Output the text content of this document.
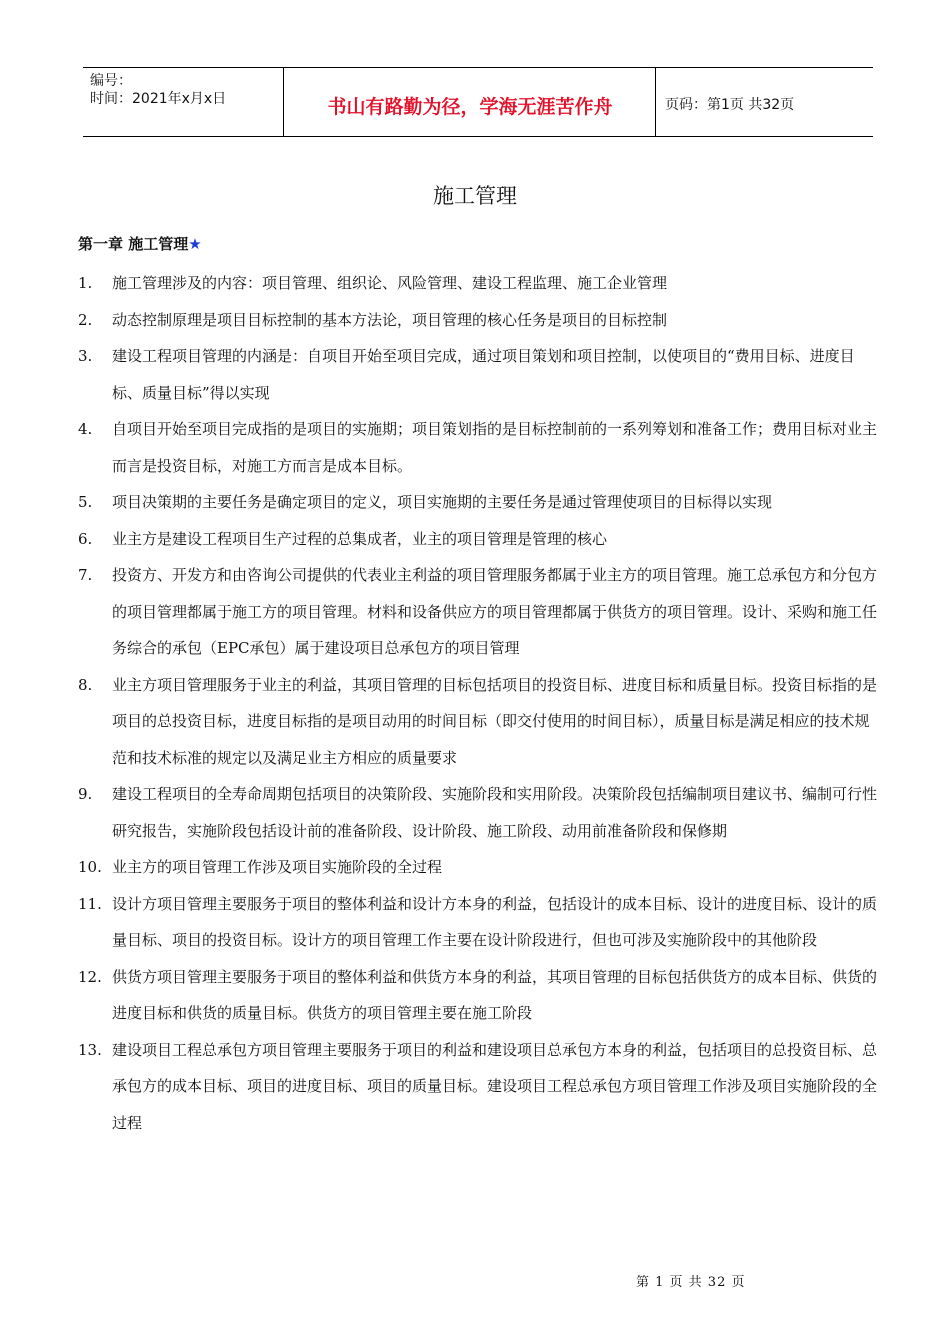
编号：
时间：2021年x月x日	书山有路勤为径，学海无涯苦作舟	页码：第1页 共32页
施工管理
第一章 施工管理★
1. 施工管理涉及的内容：项目管理、组织论、风险管理、建设工程监理、施工企业管理
2. 动态控制原理是项目目标控制的基本方法论，项目管理的核心任务是项目的目标控制
3. 建设工程项目管理的内涵是：自项目开始至项目完成，通过项目策划和项目控制，以使项目的“费用目标、进度目标、质量目标”得以实现
4. 自项目开始至项目完成指的是项目的实施期；项目策划指的是目标控制前的一系列筹划和准备工作；费用目标对业主而言是投资目标，对施工方而言是成本目标。
5. 项目决策期的主要任务是确定项目的定义，项目实施期的主要任务是通过管理使项目的目标得以实现
6. 业主方是建设工程项目生产过程的总集成者，业主的项目管理是管理的核心
7. 投资方、开发方和由咨询公司提供的代表业主利益的项目管理服务都属于业主方的项目管理。施工总承包方和分包方的项目管理都属于施工方的项目管理。材料和设备供应方的项目管理都属于供货方的项目管理。设计、采购和施工任务综合的承包（EPC承包）属于建设项目总承包方的项目管理
8. 业主方项目管理服务于业主的利益，其项目管理的目标包括项目的投资目标、进度目标和质量目标。投资目标指的是项目的总投资目标，进度目标指的是项目动用的时间目标（即交付使用的时间目标），质量目标是满足相应的技术规范和技术标准的规定以及满足业主方相应的质量要求
9. 建设工程项目的全寿命周期包括项目的决策阶段、实施阶段和实用阶段。决策阶段包括编制项目建议书、编制可行性研究报告，实施阶段包括设计前的准备阶段、设计阶段、施工阶段、动用前准备阶段和保修期
10. 业主方的项目管理工作涉及项目实施阶段的全过程
11. 设计方项目管理主要服务于项目的整体利益和设计方本身的利益，包括设计的成本目标、设计的进度目标、设计的质量目标、项目的投资目标。设计方的项目管理工作主要在设计阶段进行，但也可涉及实施阶段中的其他阶段
12. 供货方项目管理主要服务于项目的整体利益和供货方本身的利益，其项目管理的目标包括供货方的成本目标、供货的进度目标和供货的质量目标。供货方的项目管理主要在施工阶段
13. 建设项目工程总承包方项目管理主要服务于项目的利益和建设项目总承包方本身的利益，包括项目的总投资目标、总承包方的成本目标、项目的进度目标、项目的质量目标。建设项目工程总承包方项目管理工作涉及项目实施阶段的全过程
第 1 页 共 32 页
